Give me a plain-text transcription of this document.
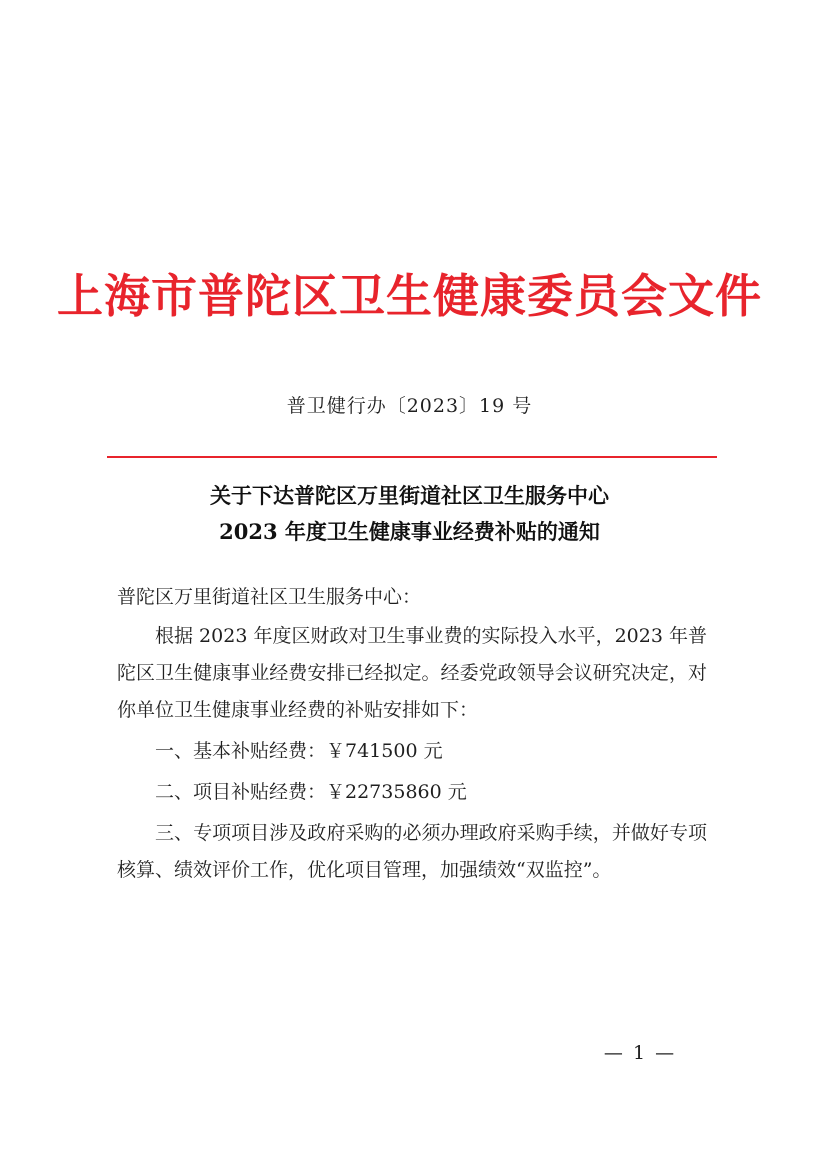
上海市普陀区卫生健康委员会文件
普卫健行办〔2023〕19 号
关于下达普陀区万里街道社区卫生服务中心
2023 年度卫生健康事业经费补贴的通知

普陀区万里街道社区卫生服务中心：

根据 2023 年度区财政对卫生事业费的实际投入水平，2023 年普陀区卫生健康事业经费安排已经拟定。经委党政领导会议研究决定，对你单位卫生健康事业经费的补贴安排如下：

一、基本补贴经费：￥741500 元

二、项目补贴经费：￥22735860 元

三、专项项目涉及政府采购的必须办理政府采购手续，并做好专项核算、绩效评价工作，优化项目管理，加强绩效“双监控”。

— 1 —
